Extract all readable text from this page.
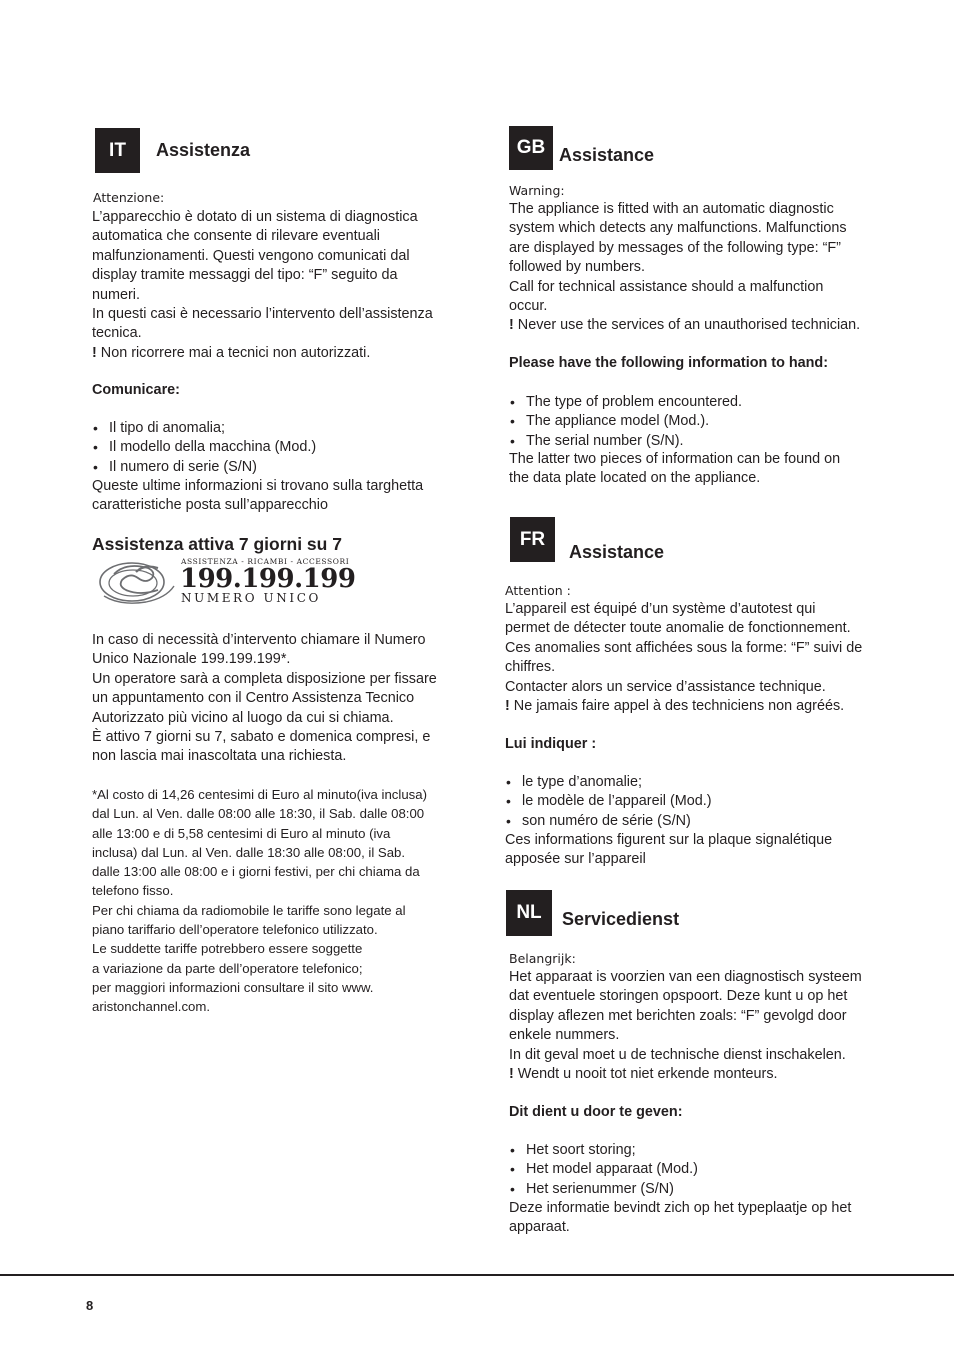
IT	Assistenza
Attenzione:
L’apparecchio è dotato di un sistema di diagnostica
automatica che consente di rilevare eventuali
malfunzionamenti. Questi vengono comunicati dal
display tramite messaggi del tipo: “F” seguito da
numeri.
In questi casi è necessario l’intervento dell’assistenza
tecnica.
! Non ricorrere mai a tecnici non autorizzati.
Comunicare:
• Il tipo di anomalia;
• Il modello della macchina (Mod.)
• Il numero di serie (S/N)
Queste ultime informazioni si trovano sulla targhetta
caratteristiche posta sull’apparecchio
Assistenza attiva 7 giorni su 7
ASSISTENZA - RICAMBI - ACCESSORI
199.199.199
NUMERO UNICO
In caso di necessità d’intervento chiamare il Numero
Unico Nazionale 199.199.199*.
Un operatore sarà a completa disposizione per fissare
un appuntamento con il Centro Assistenza Tecnico
Autorizzato più vicino al luogo da cui si chiama.
È attivo 7 giorni su 7, sabato e domenica compresi, e
non lascia mai inascoltata una richiesta.
*Al costo di 14,26 centesimi di Euro al minuto(iva inclusa)
dal Lun. al Ven. dalle 08:00 alle 18:30, il Sab. dalle 08:00
alle 13:00 e di 5,58 centesimi di Euro al minuto (iva
inclusa) dal Lun. al Ven. dalle 18:30 alle 08:00, il Sab.
dalle 13:00 alle 08:00 e i giorni festivi, per chi chiama da
telefono fisso.
Per chi chiama da radiomobile le tariffe sono legate al
piano tariffario dell’operatore telefonico utilizzato.
Le suddette tariffe potrebbero essere soggette
a variazione da parte dell’operatore telefonico;
per maggiori informazioni consultare il sito www.
aristonchannel.com.
GB Assistance
Warning:
The appliance is fitted with an automatic diagnostic
system which detects any malfunctions. Malfunctions
are displayed by messages of the following type: “F”
followed by numbers.
Call for technical assistance should a malfunction
occur.
! Never use the services of an unauthorised technician.
Please have the following information to hand:
• The type of problem encountered.
• The appliance model (Mod.).
• The serial number (S/N).
The latter two pieces of information can be found on
the data plate located on the appliance.
FR
Assistance
Attention :
L’appareil est équipé d’un système d’autotest qui
permet de détecter toute anomalie de fonctionnement.
Ces anomalies sont affichées sous la forme: “F” suivi de
chiffres.
Contacter alors un service d’assistance technique.
! Ne jamais faire appel à des techniciens non agréés.
Lui indiquer :
• le type d’anomalie;
• le modèle de l’appareil (Mod.)
• son numéro de série (S/N)
Ces informations figurent sur la plaque signalétique
apposée sur l’appareil
NL	Servicedienst
Belangrijk:
Het apparaat is voorzien van een diagnostisch systeem
dat eventuele storingen opspoort. Deze kunt u op het
display aflezen met berichten zoals: “F” gevolgd door
enkele nummers.
In dit geval moet u de technische dienst inschakelen.
! Wendt u nooit tot niet erkende monteurs.
Dit dient u door te geven:
• Het soort storing;
• Het model apparaat (Mod.)
• Het serienummer (S/N)
Deze informatie bevindt zich op het typeplaatje op het
apparaat.
8
